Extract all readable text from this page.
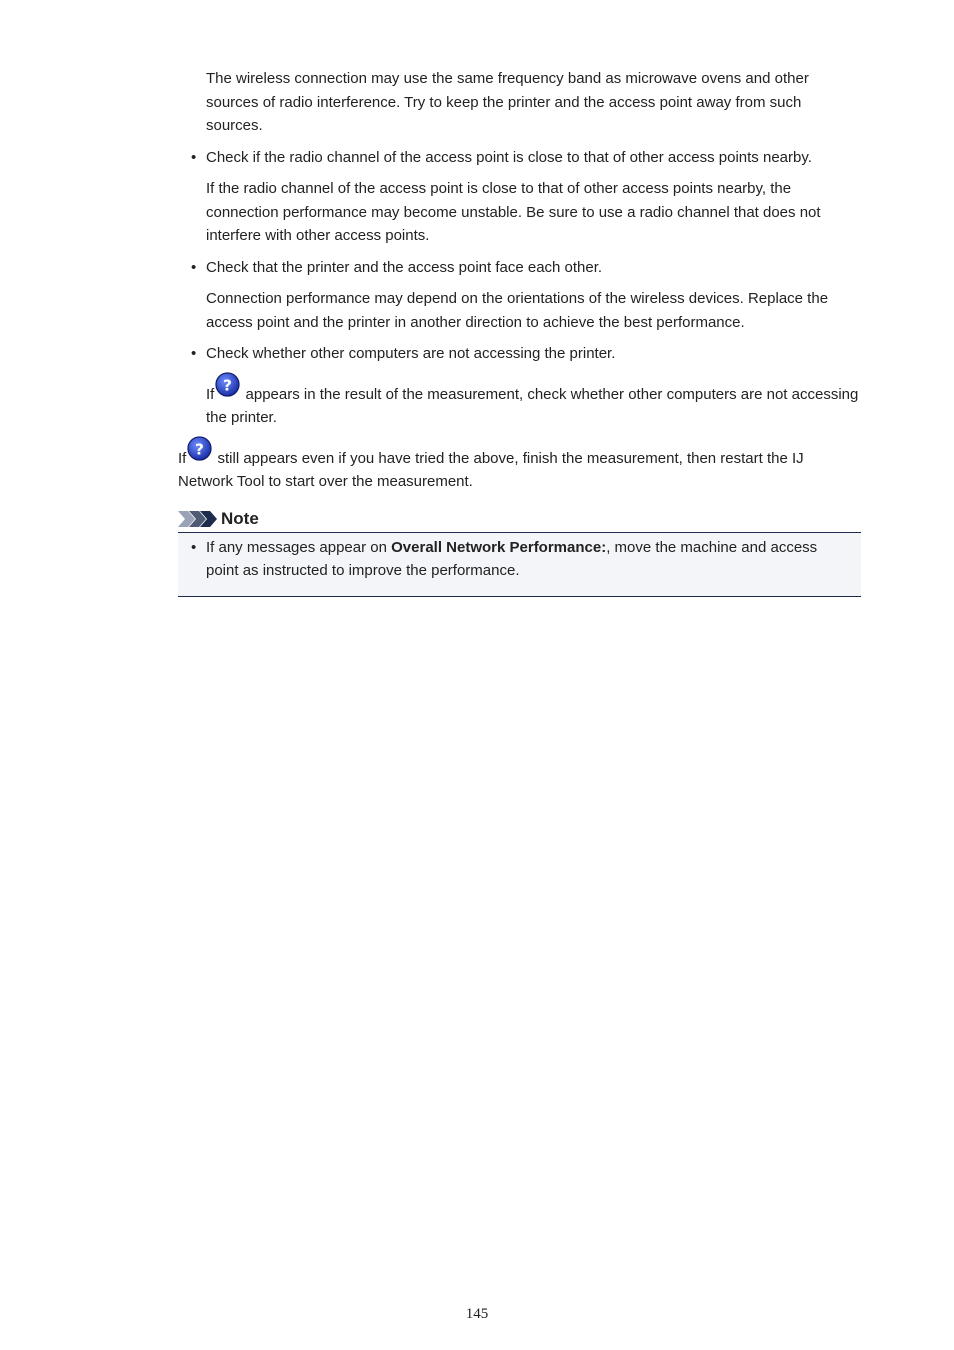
The wireless connection may use the same frequency band as microwave ovens and other sources of radio interference. Try to keep the printer and the access point away from such sources.

• Check if the radio channel of the access point is close to that of other access points nearby.

If the radio channel of the access point is close to that of other access points nearby, the connection performance may become unstable. Be sure to use a radio channel that does not interfere with other access points.

• Check that the printer and the access point face each other.

Connection performance may depend on the orientations of the wireless devices. Replace the access point and the printer in another direction to achieve the best performance.

• Check whether other computers are not accessing the printer.

If
?
appears in the result of the measurement, check whether other computers are not accessing the printer.

If
?
still appears even if you have tried the above, finish the measurement, then restart the IJ Network Tool to start over the measurement.

Note
• If any messages appear on Overall Network Performance:, move the machine and access point as instructed to improve the performance.
145
